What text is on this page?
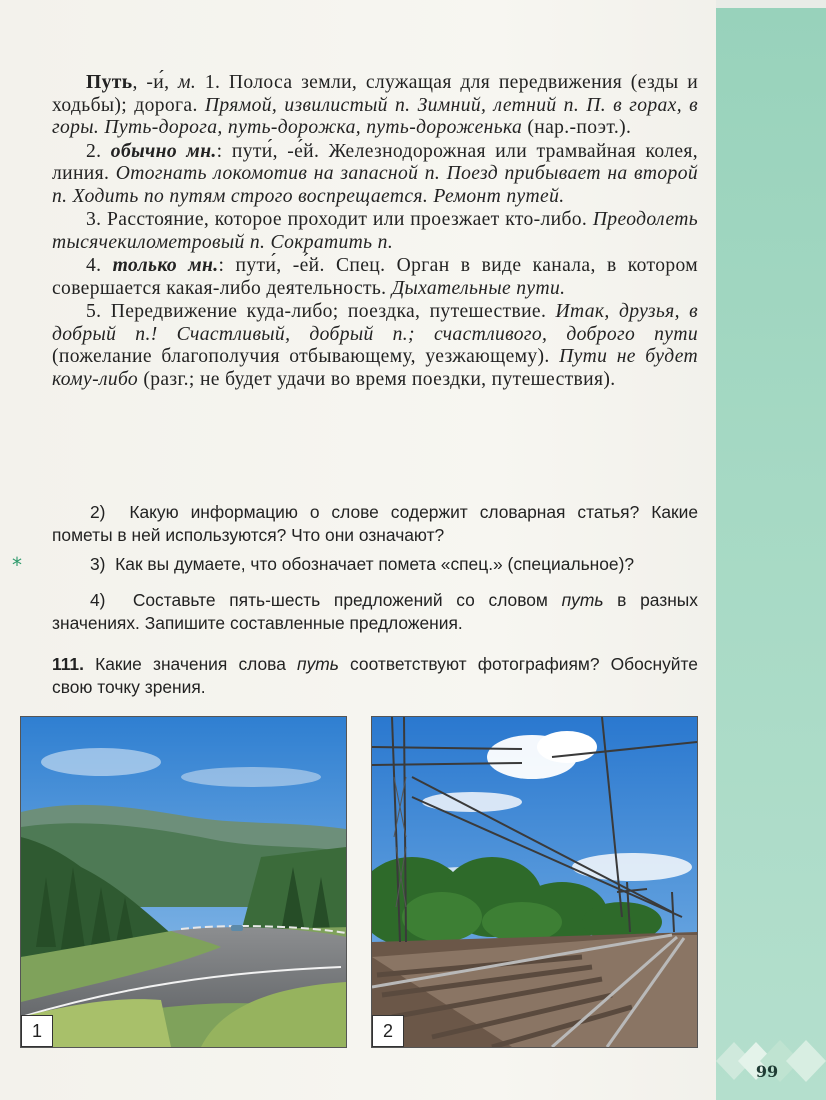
Путь, -и́, м. 1. Полоса земли, служащая для передвижения (езды и ходьбы); дорога. Прямой, извилистый п. Зимний, летний п. П. в горах, в горы. Путь-дорога, путь-дорожка, путь-дороженька (нар.-поэт.).

2. обычно мн.: пути́, -е́й. Железнодорожная или трамвайная колея, линия. Отогнать локомотив на запасной п. Поезд прибывает на второй п. Ходить по путям строго воспрещается. Ремонт путей.

3. Расстояние, которое проходит или проезжает кто-либо. Преодолеть тысячекилометровый п. Сократить п.

4. только мн.: пути́, -е́й. Спец. Орган в виде канала, в котором совершается какая-либо деятельность. Дыхательные пути.

5. Передвижение куда-либо; поездка, путешествие. Итак, друзья, в добрый п.! Счастливый, добрый п.; счастливого, доброго пути (пожелание благополучия отбывающему, уезжающему). Пути не будет кому-либо (разг.; не будет удачи во время поездки, путешествия).

2) Какую информацию о слове содержит словарная статья? Какие пометы в ней используются? Что они означают?
*	3) Как вы думаете, что обозначает помета «спец.» (специальное)?
4) Составьте пять-шесть предложений со словом путь в разных значениях. Запишите составленные предложения.
111. Какие значения слова путь соответствуют фотографиям? Обоснуйте свою точку зрения.
1	2
99
